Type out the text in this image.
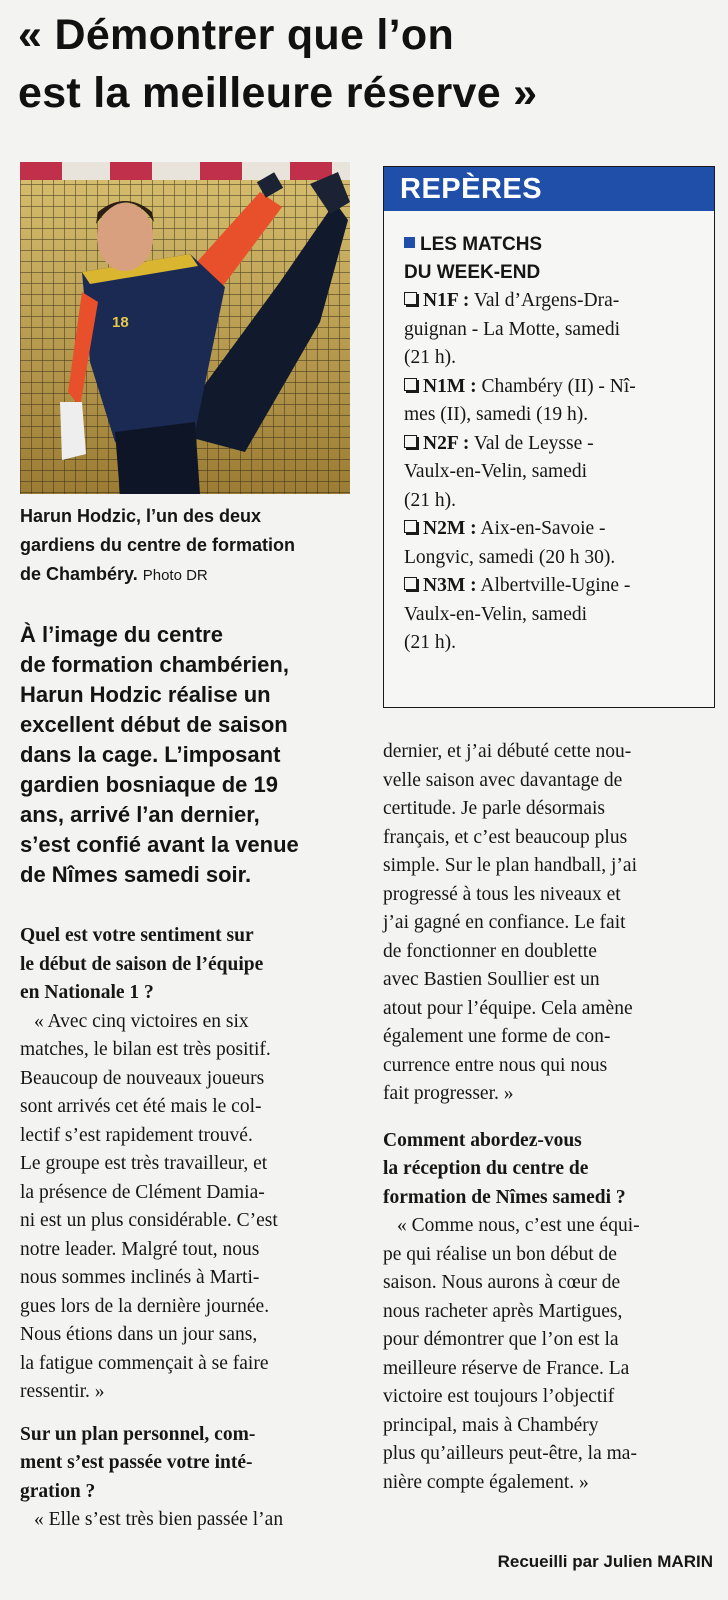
« Démontrer que l’on
est la meilleure réserve »
18
Harun Hodzic, l’un des deux
gardiens du centre de formation
de Chambéry. Photo DR
À l’image du centre
de formation chambérien,
Harun Hodzic réalise un
excellent début de saison
dans la cage. L’imposant
gardien bosniaque de 19
ans, arrivé l’an dernier,
s’est confié avant la venue
de Nîmes samedi soir.
REPÈRES
LES MATCHS
DU WEEK-END
N1F : Val d’Argens-Dra-
guignan - La Motte, samedi
(21 h).
N1M : Chambéry (II) - Nî-
mes (II), samedi (19 h).
N2F : Val de Leysse -
Vaulx-en-Velin, samedi
(21 h).
N2M : Aix-en-Savoie -
Longvic, samedi (20 h 30).
N3M : Albertville-Ugine -
Vaulx-en-Velin, samedi
(21 h).
Quel est votre sentiment sur
le début de saison de l’équipe
en Nationale 1 ?
« Avec cinq victoires en six
matches, le bilan est très positif.
Beaucoup de nouveaux joueurs
sont arrivés cet été mais le col-
lectif s’est rapidement trouvé.
Le groupe est très travailleur, et
la présence de Clément Damia-
ni est un plus considérable. C’est
notre leader. Malgré tout, nous
nous sommes inclinés à Marti-
gues lors de la dernière journée.
Nous étions dans un jour sans,
la fatigue commençait à se faire
ressentir. »
Sur un plan personnel, com-
ment s’est passée votre inté-
gration ?
« Elle s’est très bien passée l’an
dernier, et j’ai débuté cette nou-
velle saison avec davantage de
certitude. Je parle désormais
français, et c’est beaucoup plus
simple. Sur le plan handball, j’ai
progressé à tous les niveaux et
j’ai gagné en confiance. Le fait
de fonctionner en doublette
avec Bastien Soullier est un
atout pour l’équipe. Cela amène
également une forme de con-
currence entre nous qui nous
fait progresser. »
Comment abordez-vous
la réception du centre de
formation de Nîmes samedi ?
« Comme nous, c’est une équi-
pe qui réalise un bon début de
saison. Nous aurons à cœur de
nous racheter après Martigues,
pour démontrer que l’on est la
meilleure réserve de France. La
victoire est toujours l’objectif
principal, mais à Chambéry
plus qu’ailleurs peut-être, la ma-
nière compte également. »
Recueilli par Julien MARIN
